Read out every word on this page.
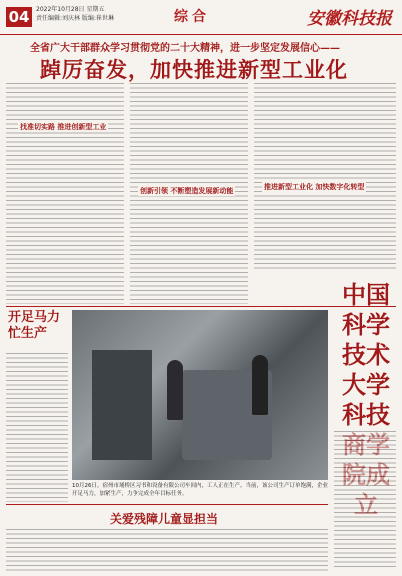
04	2022年10月28日 星期五
责任编辑:刘庆林 版编:崔世琳	综合	安徽科技报
全省广大干部群众学习贯彻党的二十大精神，进一步坚定发展信心——
踔厉奋发，加快推进新型工业化
找准切实路 推进创新型工业
创新引领 不断塑造发展新动能	推进新型工业化 加快数字化转型
开足马力忙生产
10月26日，宿州市埇桥区习书和设备有限公司车间内，工人正在生产。当前，该公司生产订单饱满，企业开足马力，加紧生产，力争完成全年目标任务。
中国科学技术大学科技
关爱残障儿童显担当
